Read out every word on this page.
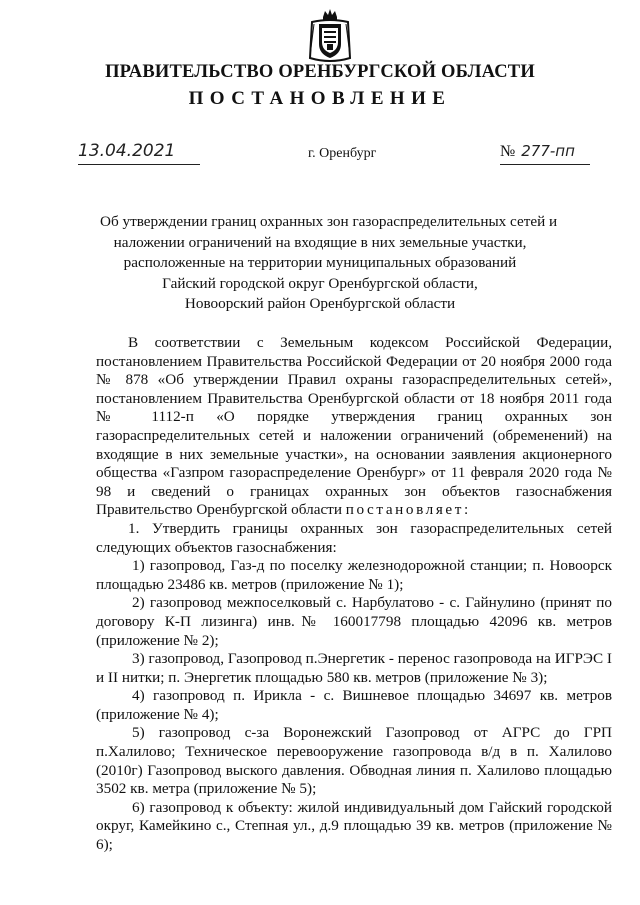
ПРАВИТЕЛЬСТВО ОРЕНБУРГСКОЙ ОБЛАСТИ
ПОСТАНОВЛЕНИЕ
13.04.2021	г. Оренбург	№ 277-пп
Об утверждении границ охранных зон газораспределительных сетей и
наложении ограничений на входящие в них земельные участки,
расположенные на территории муниципальных образований
Гайский городской округ Оренбургской области,
Новоорский район Оренбургской области

В соответствии с Земельным кодексом Российской Федерации, постановлением Правительства Российской Федерации от 20 ноября 2000 года № 878 «Об утверждении Правил охраны газораспределительных сетей», постановлением Правительства Оренбургской области от 18 ноября 2011 года № 1112-п «О порядке утверждения границ охранных зон газораспределительных сетей и наложении ограничений (обременений) на входящие в них земельные участки», на основании заявления акционерного общества «Газпром газораспределение Оренбург» от 11 февраля 2020 года № 98 и сведений о границах охранных зон объектов газоснабжения Правительство Оренбургской области постановляет:

1. Утвердить границы охранных зон газораспределительных сетей следующих объектов газоснабжения:

1) газопровод, Газ-д по поселку железнодорожной станции; п. Новоорск площадью 23486 кв. метров (приложение № 1);

2) газопровод межпоселковый с. Нарбулатово - с. Гайнулино (принят по договору К-П лизинга) инв.№ 160017798 площадью 42096 кв. метров (приложение № 2);

3) газопровод, Газопровод п.Энергетик - перенос газопровода на ИГРЭС I и II нитки; п. Энергетик площадью 580 кв. метров (приложение № 3);

4) газопровод п. Ирикла - с. Вишневое площадью 34697 кв. метров (приложение № 4);

5) газопровод с-за Воронежский Газопровод от АГРС до ГРП п.Халилово; Техническое перевооружение газопровода в/д в п. Халилово (2010г) Газопровод выского давления. Обводная линия п. Халилово площадью 3502 кв. метра (приложение № 5);

6) газопровод к объекту: жилой индивидуальный дом Гайский городской округ, Камейкино с., Степная ул., д.9 площадью 39 кв. метров (приложение № 6);
